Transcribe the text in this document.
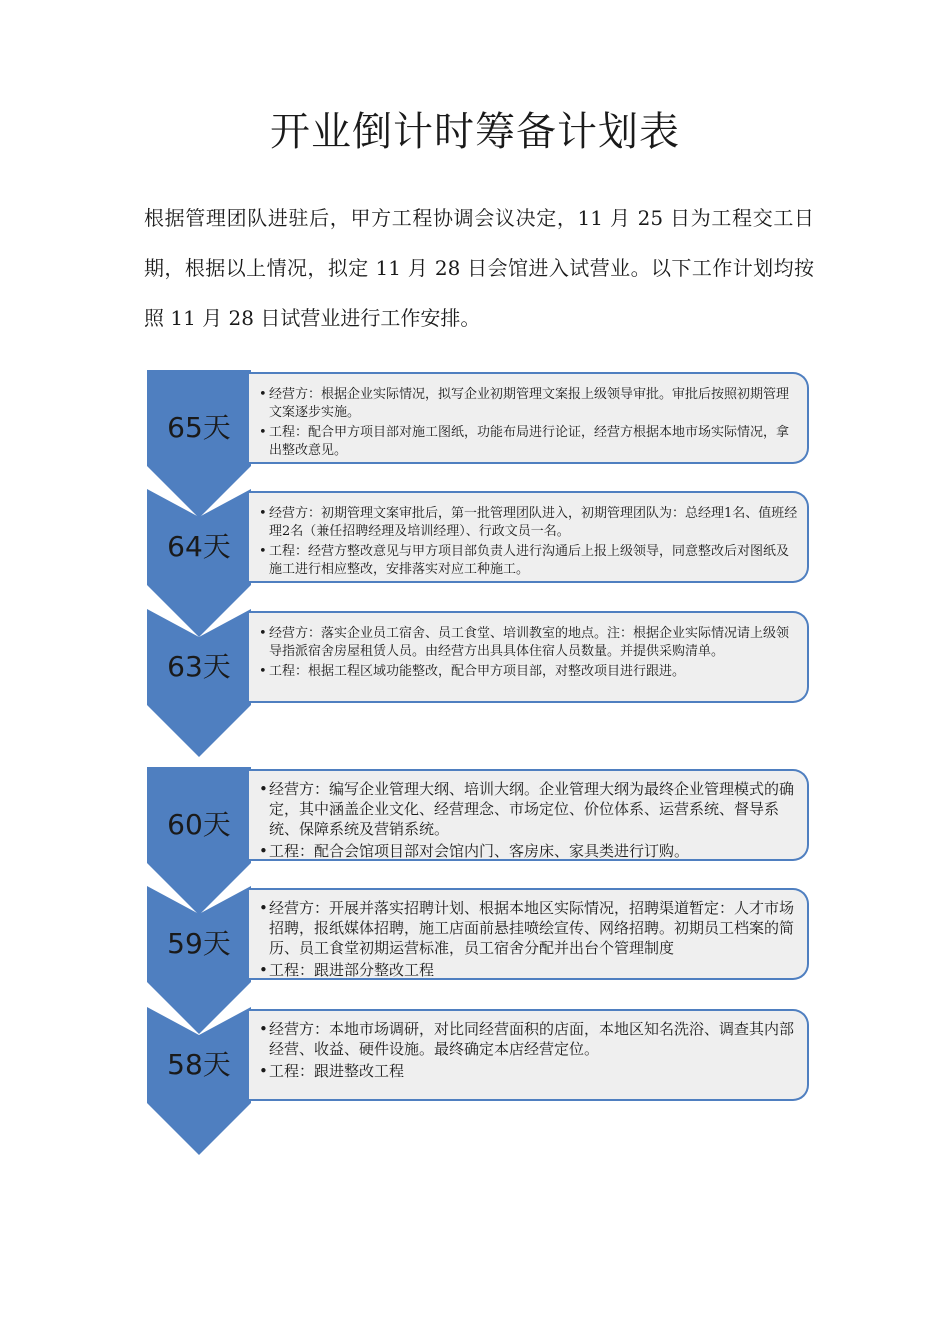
开业倒计时筹备计划表

根据管理团队进驻后，甲方工程协调会议决定，11 月 25 日为工程交工日期，根据以上情况，拟定 11 月 28 日会馆进入试营业。以下工作计划均按照 11 月 28 日试营业进行工作安排。

65天
• 经营方：根据企业实际情况，拟写企业初期管理文案报上级领导审批。审批后按照初期管理文案逐步实施。
• 工程：配合甲方项目部对施工图纸，功能布局进行论证，经营方根据本地市场实际情况，拿出整改意见。
64天
• 经营方：初期管理文案审批后，第一批管理团队进入，初期管理团队为：总经理1名、值班经理2名（兼任招聘经理及培训经理）、行政文员一名。
• 工程：经营方整改意见与甲方项目部负责人进行沟通后上报上级领导，同意整改后对图纸及施工进行相应整改，安排落实对应工种施工。
63天
• 经营方：落实企业员工宿舍、员工食堂、培训教室的地点。注：根据企业实际情况请上级领导指派宿舍房屋租赁人员。由经营方出具具体住宿人员数量。并提供采购清单。
• 工程：根据工程区域功能整改，配合甲方项目部，对整改项目进行跟进。
60天
• 经营方：编写企业管理大纲、培训大纲。企业管理大纲为最终企业管理模式的确定，其中涵盖企业文化、经营理念、市场定位、价位体系、运营系统、督导系统、保障系统及营销系统。
• 工程：配合会馆项目部对会馆内门、客房床、家具类进行订购。
59天
• 经营方：开展并落实招聘计划、根据本地区实际情况，招聘渠道暂定：人才市场招聘，报纸媒体招聘，施工店面前悬挂喷绘宣传、网络招聘。初期员工档案的简历、员工食堂初期运营标准，员工宿舍分配并出台个管理制度
• 工程：跟进部分整改工程
58天
• 经营方：本地市场调研，对比同经营面积的店面，本地区知名洗浴、调查其内部经营、收益、硬件设施。最终确定本店经营定位。
• 工程：跟进整改工程
